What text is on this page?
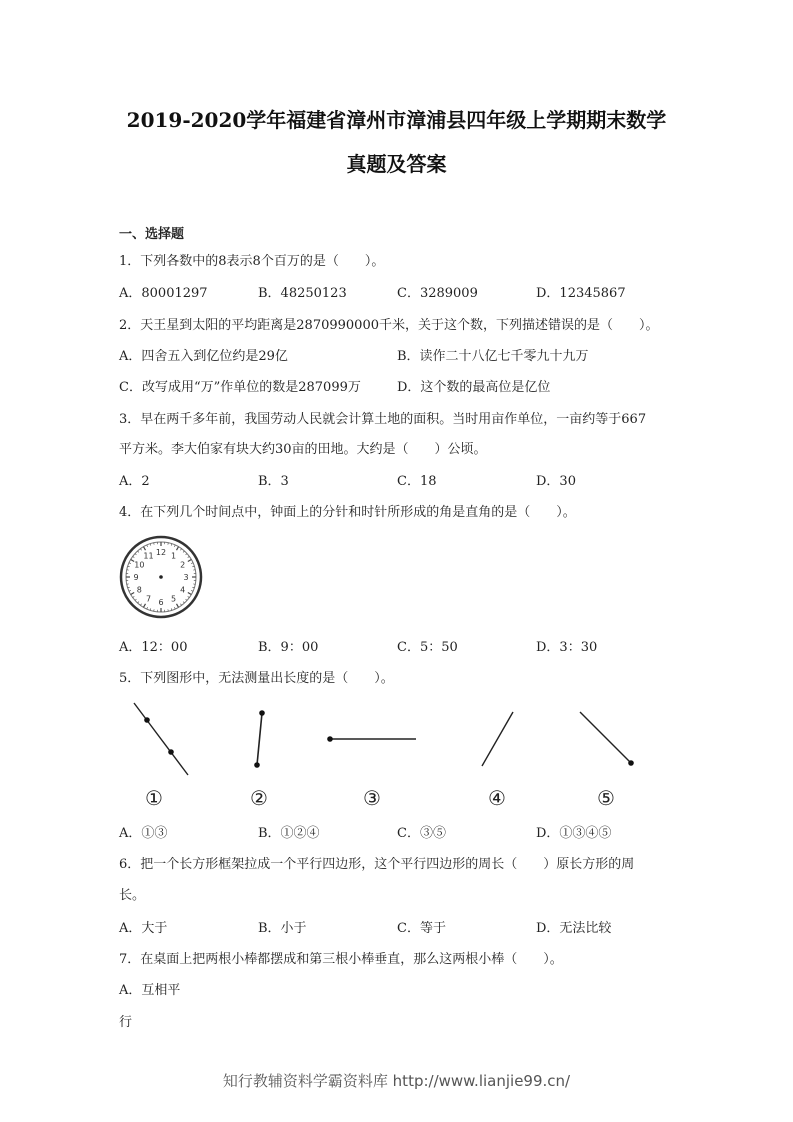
2019-2020学年福建省漳州市漳浦县四年级上学期期末数学
真题及答案
一、选择题
1．下列各数中的8表示8个百万的是（　　）。
A．80001297	B．48250123	C．3289009	D．12345867
2．天王星到太阳的平均距离是2870990000千米，关于这个数，下列描述错误的是（　　）。
A．四舍五入到亿位约是29亿	B．读作二十八亿七千零九十九万
C．改写成用“万”作单位的数是287099万	D．这个数的最高位是亿位
3．早在两千多年前，我国劳动人民就会计算土地的面积。当时用亩作单位，一亩约等于667
平方米。李大伯家有块大约30亩的田地。大约是（　　）公顷。
A．2	B．3	C．18	D．30
4．在下列几个时间点中，钟面上的分针和时针所形成的角是直角的是（　　）。
12 1
2
3
4
5
6
7
8
9
10
11
A．12：00	B．9：00	C．5：50	D．3：30
5．下列图形中，无法测量出长度的是（　　）。
①	②	③	④	⑤
A．①③	B．①②④	C．③⑤	D．①③④⑤
6．把一个长方形框架拉成一个平行四边形，这个平行四边形的周长（　　）原长方形的周
长。
A．大于	B．小于	C．等于	D．无法比较
7．在桌面上把两根小棒都摆成和第三根小棒垂直，那么这两根小棒（　　）。
A．互相平
行
知行教辅资料学霸资料库 http://www.lianjie99.cn/
